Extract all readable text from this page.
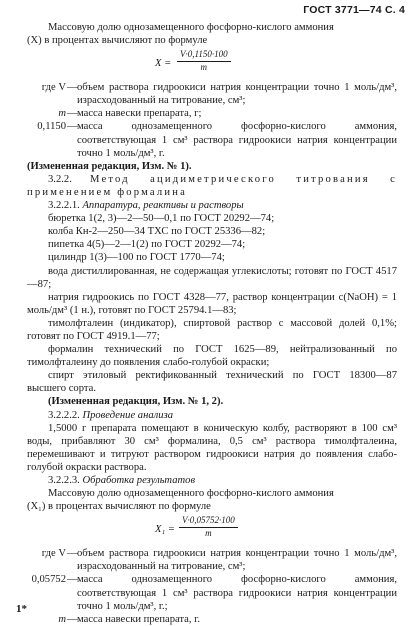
ГОСТ 3771—74 С. 4

Массовую долю однозамещенного фосфорно-кислого аммония

(X) в процентах вычисляют по формуле

$X = \frac{V\cdot 0,1150\cdot 100}{m}$
где V — объем раствора гидроокиси натрия концентрации точно 1 моль/дм³, израсходованный на титрование, см³;
m — масса навески препарата, г;
0,1150 — масса однозамещенного фосфорно-кислого аммония, соответствующая 1 см³ раствора гидроокиси натрия концентрации точно 1 моль/дм³, г.

(Измененная редакция, Изм. № 1).

3.2.2. Метод ацидиметрического титрования с применением формалина

3.2.2.1. Аппаратура, реактивы и растворы

бюретка 1(2, 3)—2—50—0,1 по ГОСТ 20292—74;

колба Кн-2—250—34 ТХС по ГОСТ 25336—82;

пипетка 4(5)—2—1(2) по ГОСТ 20292—74;

цилиндр 1(3)—100 по ГОСТ 1770—74;

вода дистиллированная, не содержащая углекислоты; готовят по ГОСТ 4517—87;

натрия гидроокись по ГОСТ 4328—77, раствор концентрации c(NaOH) = 1 моль/дм³ (1 н.), готовят по ГОСТ 25794.1—83;

тимолфталеин (индикатор), спиртовой раствор с массовой долей 0,1%; готовят по ГОСТ 4919.1—77;

формалин технический по ГОСТ 1625—89, нейтрализованный по тимолфталеину до появления слабо-голубой окраски;

спирт этиловый ректификованный технический по ГОСТ 18300—87 высшего сорта.

(Измененная редакция, Изм. № 1, 2).

3.2.2.2. Проведение анализа

1,5000 г препарата помещают в коническую колбу, растворяют в 100 см³ воды, прибавляют 30 см³ формалина, 0,5 см³ раствора тимолфталеина, перемешивают и титруют раствором гидроокиси натрия до появления слабо-голубой окраски раствора.

3.2.2.3. Обработка результатов

Массовую долю однозамещенного фосфорно-кислого аммония

(X₁) в процентах вычисляют по формуле

$X_1 = \frac{V\cdot 0,05752\cdot 100}{m}$
где V — объем раствора гидроокиси натрия концентрации точно 1 моль/дм³, израсходованный на титрование, см³;
0,05752 — масса однозамещенного фосфорно-кислого аммония, соответствующая 1 см³ раствора гидроокиси натрия концентрации точно 1 моль/дм³, г.;
m — масса навески препарата, г.
1*
